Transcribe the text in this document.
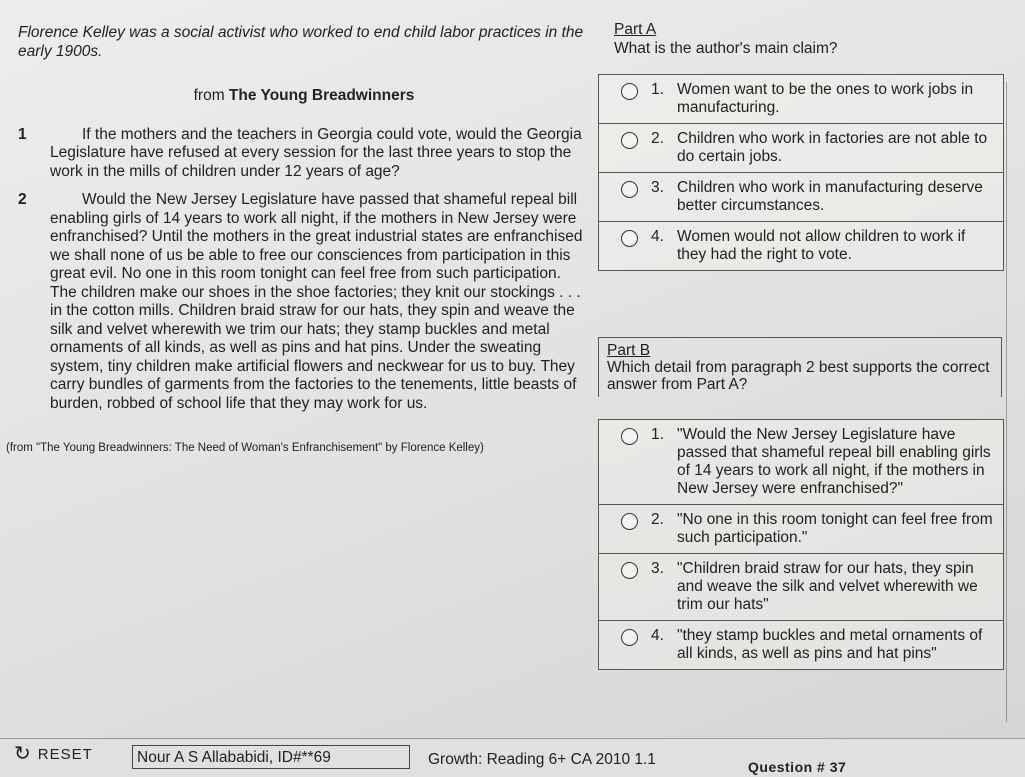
Florence Kelley was a social activist who worked to end child labor practices in the early 1900s.

from The Young Breadwinners
1	If the mothers and the teachers in Georgia could vote, would the Georgia Legislature have refused at every session for the last three years to stop the work in the mills of children under 12 years of age?
2	Would the New Jersey Legislature have passed that shameful repeal bill enabling girls of 14 years to work all night, if the mothers in New Jersey were enfranchised? Until the mothers in the great industrial states are enfranchised we shall none of us be able to free our consciences from participation in this great evil. No one in this room tonight can feel free from such participation. The children make our shoes in the shoe factories; they knit our stockings . . . in the cotton mills. Children braid straw for our hats, they spin and weave the silk and velvet wherewith we trim our hats; they stamp buckles and metal ornaments of all kinds, as well as pins and hat pins. Under the sweating system, tiny children make artificial flowers and neckwear for us to buy. They carry bundles of garments from the factories to the tenements, little beasts of burden, robbed of school life that they may work for us.
(from "The Young Breadwinners: The Need of Woman's Enfranchisement" by Florence Kelley)
Part A
What is the author's main claim?
1. Women want to be the ones to work jobs in manufacturing.
2. Children who work in factories are not able to do certain jobs.
3. Children who work in manufacturing deserve better circumstances.
4. Women would not allow children to work if they had the right to vote.
Part B
Which detail from paragraph 2 best supports the correct answer from Part A?
1. "Would the New Jersey Legislature have passed that shameful repeal bill enabling girls of 14 years to work all night, if the mothers in New Jersey were enfranchised?"
2. "No one in this room tonight can feel free from such participation."
3. "Children braid straw for our hats, they spin and weave the silk and velvet wherewith we trim our hats"
4. "they stamp buckles and metal ornaments of all kinds, as well as pins and hat pins"
↻ RESET	Nour A S Allababidi, ID#**69	Growth: Reading 6+ CA 2010 1.1	Question # 37
